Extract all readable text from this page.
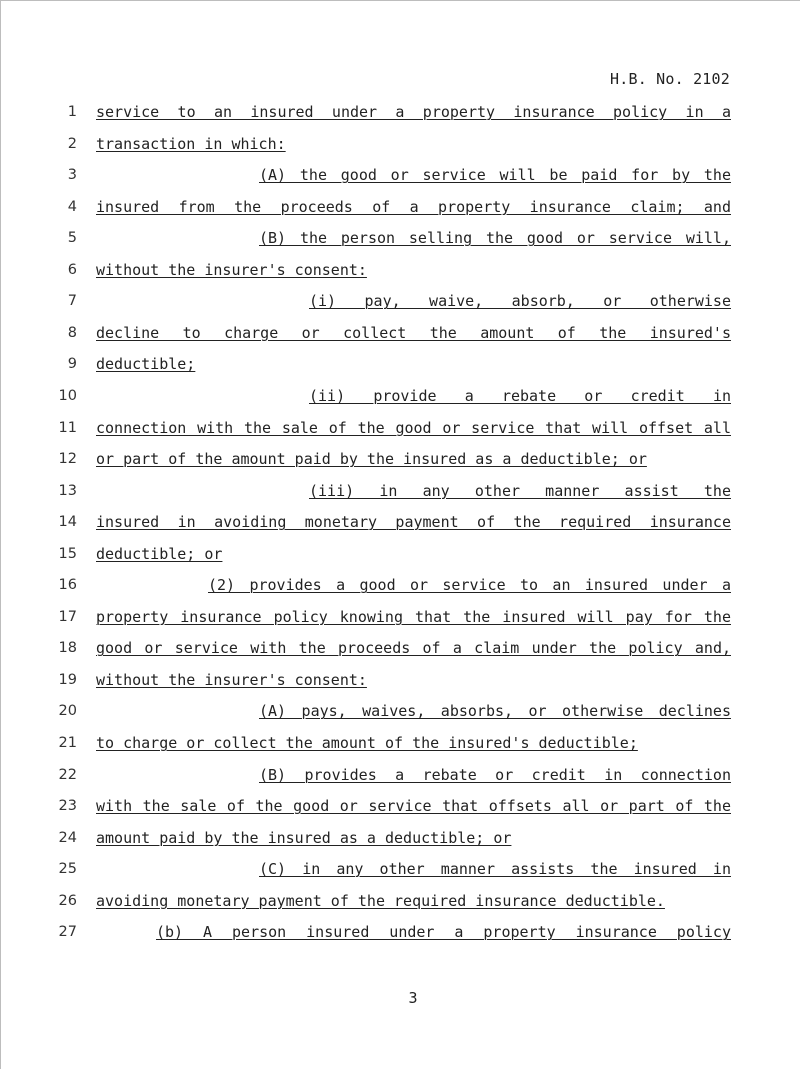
H.B. No. 2102
1 service to an insured under a property insurance policy in a
2 transaction in which:
3	(A) the good or service will be paid for by the
4 insured from the proceeds of a property insurance claim; and
5	(B) the person selling the good or service will,
6 without the insurer's consent:
7	(i) pay, waive, absorb, or otherwise
8 decline to charge or collect the amount of the insured's
9 deductible;
10	(ii) provide a rebate or credit in
11 connection with the sale of the good or service that will offset all
12 or part of the amount paid by the insured as a deductible; or
13	(iii) in any other manner assist the
14 insured in avoiding monetary payment of the required insurance
15 deductible; or
16	(2) provides a good or service to an insured under a
17 property insurance policy knowing that the insured will pay for the
18 good or service with the proceeds of a claim under the policy and,
19 without the insurer's consent:
20	(A) pays, waives, absorbs, or otherwise declines
21 to charge or collect the amount of the insured's deductible;
22	(B) provides a rebate or credit in connection
23 with the sale of the good or service that offsets all or part of the
24 amount paid by the insured as a deductible; or
25	(C) in any other manner assists the insured in
26 avoiding monetary payment of the required insurance deductible.
27	(b) A person insured under a property insurance policy
3
